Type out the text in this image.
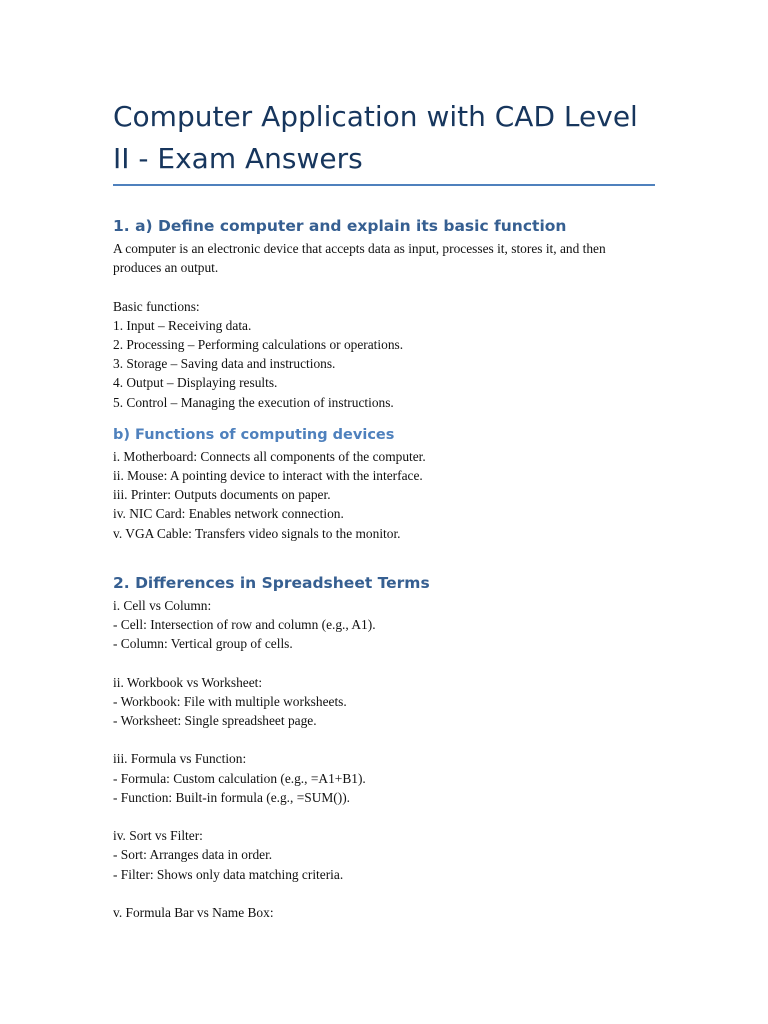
Computer Application with CAD Level II - Exam Answers
1. a) Define computer and explain its basic function

A computer is an electronic device that accepts data as input, processes it, stores it, and then produces an output.

Basic functions:

1. Input – Receiving data.

2. Processing – Performing calculations or operations.

3. Storage – Saving data and instructions.

4. Output – Displaying results.

5. Control – Managing the execution of instructions.

b) Functions of computing devices

i. Motherboard: Connects all components of the computer.

ii. Mouse: A pointing device to interact with the interface.

iii. Printer: Outputs documents on paper.

iv. NIC Card: Enables network connection.

v. VGA Cable: Transfers video signals to the monitor.

2. Differences in Spreadsheet Terms

i. Cell vs Column:

- Cell: Intersection of row and column (e.g., A1).

- Column: Vertical group of cells.

ii. Workbook vs Worksheet:

- Workbook: File with multiple worksheets.

- Worksheet: Single spreadsheet page.

iii. Formula vs Function:

- Formula: Custom calculation (e.g., =A1+B1).

- Function: Built-in formula (e.g., =SUM()).

iv. Sort vs Filter:

- Sort: Arranges data in order.

- Filter: Shows only data matching criteria.

v. Formula Bar vs Name Box:
